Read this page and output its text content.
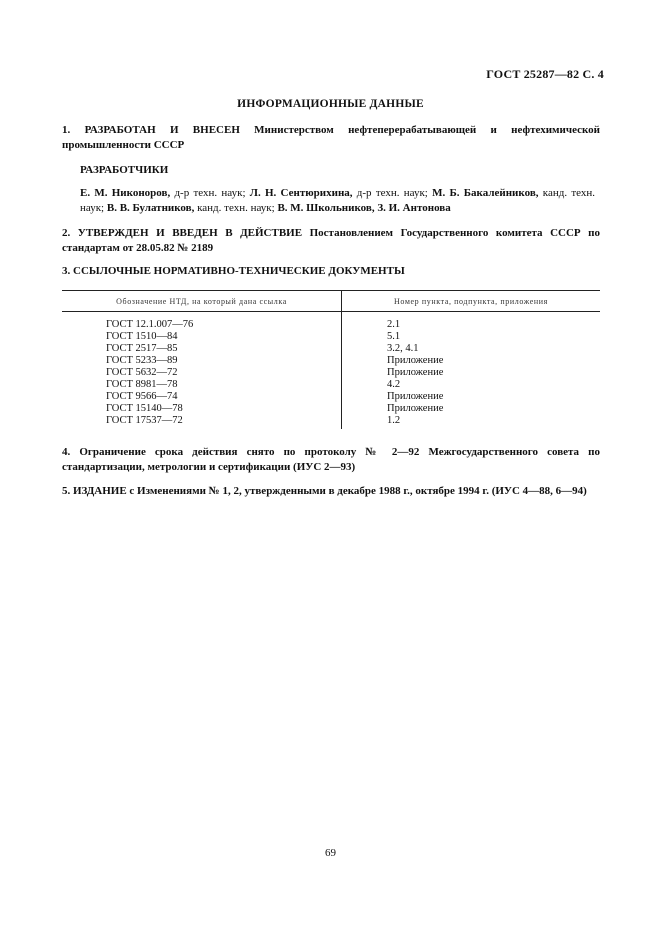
ГОСТ 25287—82 С. 4
ИНФОРМАЦИОННЫЕ ДАННЫЕ
1. РАЗРАБОТАН И ВНЕСЕН Министерством нефтеперерабатывающей и нефтехимической промышленности СССР
РАЗРАБОТЧИКИ
Е. М. Никоноров, д-р техн. наук; Л. Н. Сентюрихина, д-р техн. наук; М. Б. Бакалейников, канд. техн. наук; В. В. Булатников, канд. техн. наук; В. М. Школьников, З. И. Антонова
2. УТВЕРЖДЕН И ВВЕДЕН В ДЕЙСТВИЕ Постановлением Государственного комитета СССР по стандартам от 28.05.82 № 2189
3. ССЫЛОЧНЫЕ НОРМАТИВНО-ТЕХНИЧЕСКИЕ ДОКУМЕНТЫ
Обозначение НТД, на который дана ссылка	Номер пункта, подпункта, приложения
ГОСТ 12.1.007—76	2.1
ГОСТ 1510—84	5.1
ГОСТ 2517—85	3.2, 4.1
ГОСТ 5233—89	Приложение
ГОСТ 5632—72	Приложение
ГОСТ 8981—78	4.2
ГОСТ 9566—74	Приложение
ГОСТ 15140—78	Приложение
ГОСТ 17537—72	1.2
4. Ограничение срока действия снято по протоколу № 2—92 Межгосударственного совета по стандартизации, метрологии и сертификации (ИУС 2—93)
5. ИЗДАНИЕ с Изменениями № 1, 2, утвержденными в декабре 1988 г., октябре 1994 г. (ИУС 4—88, 6—94)
69
